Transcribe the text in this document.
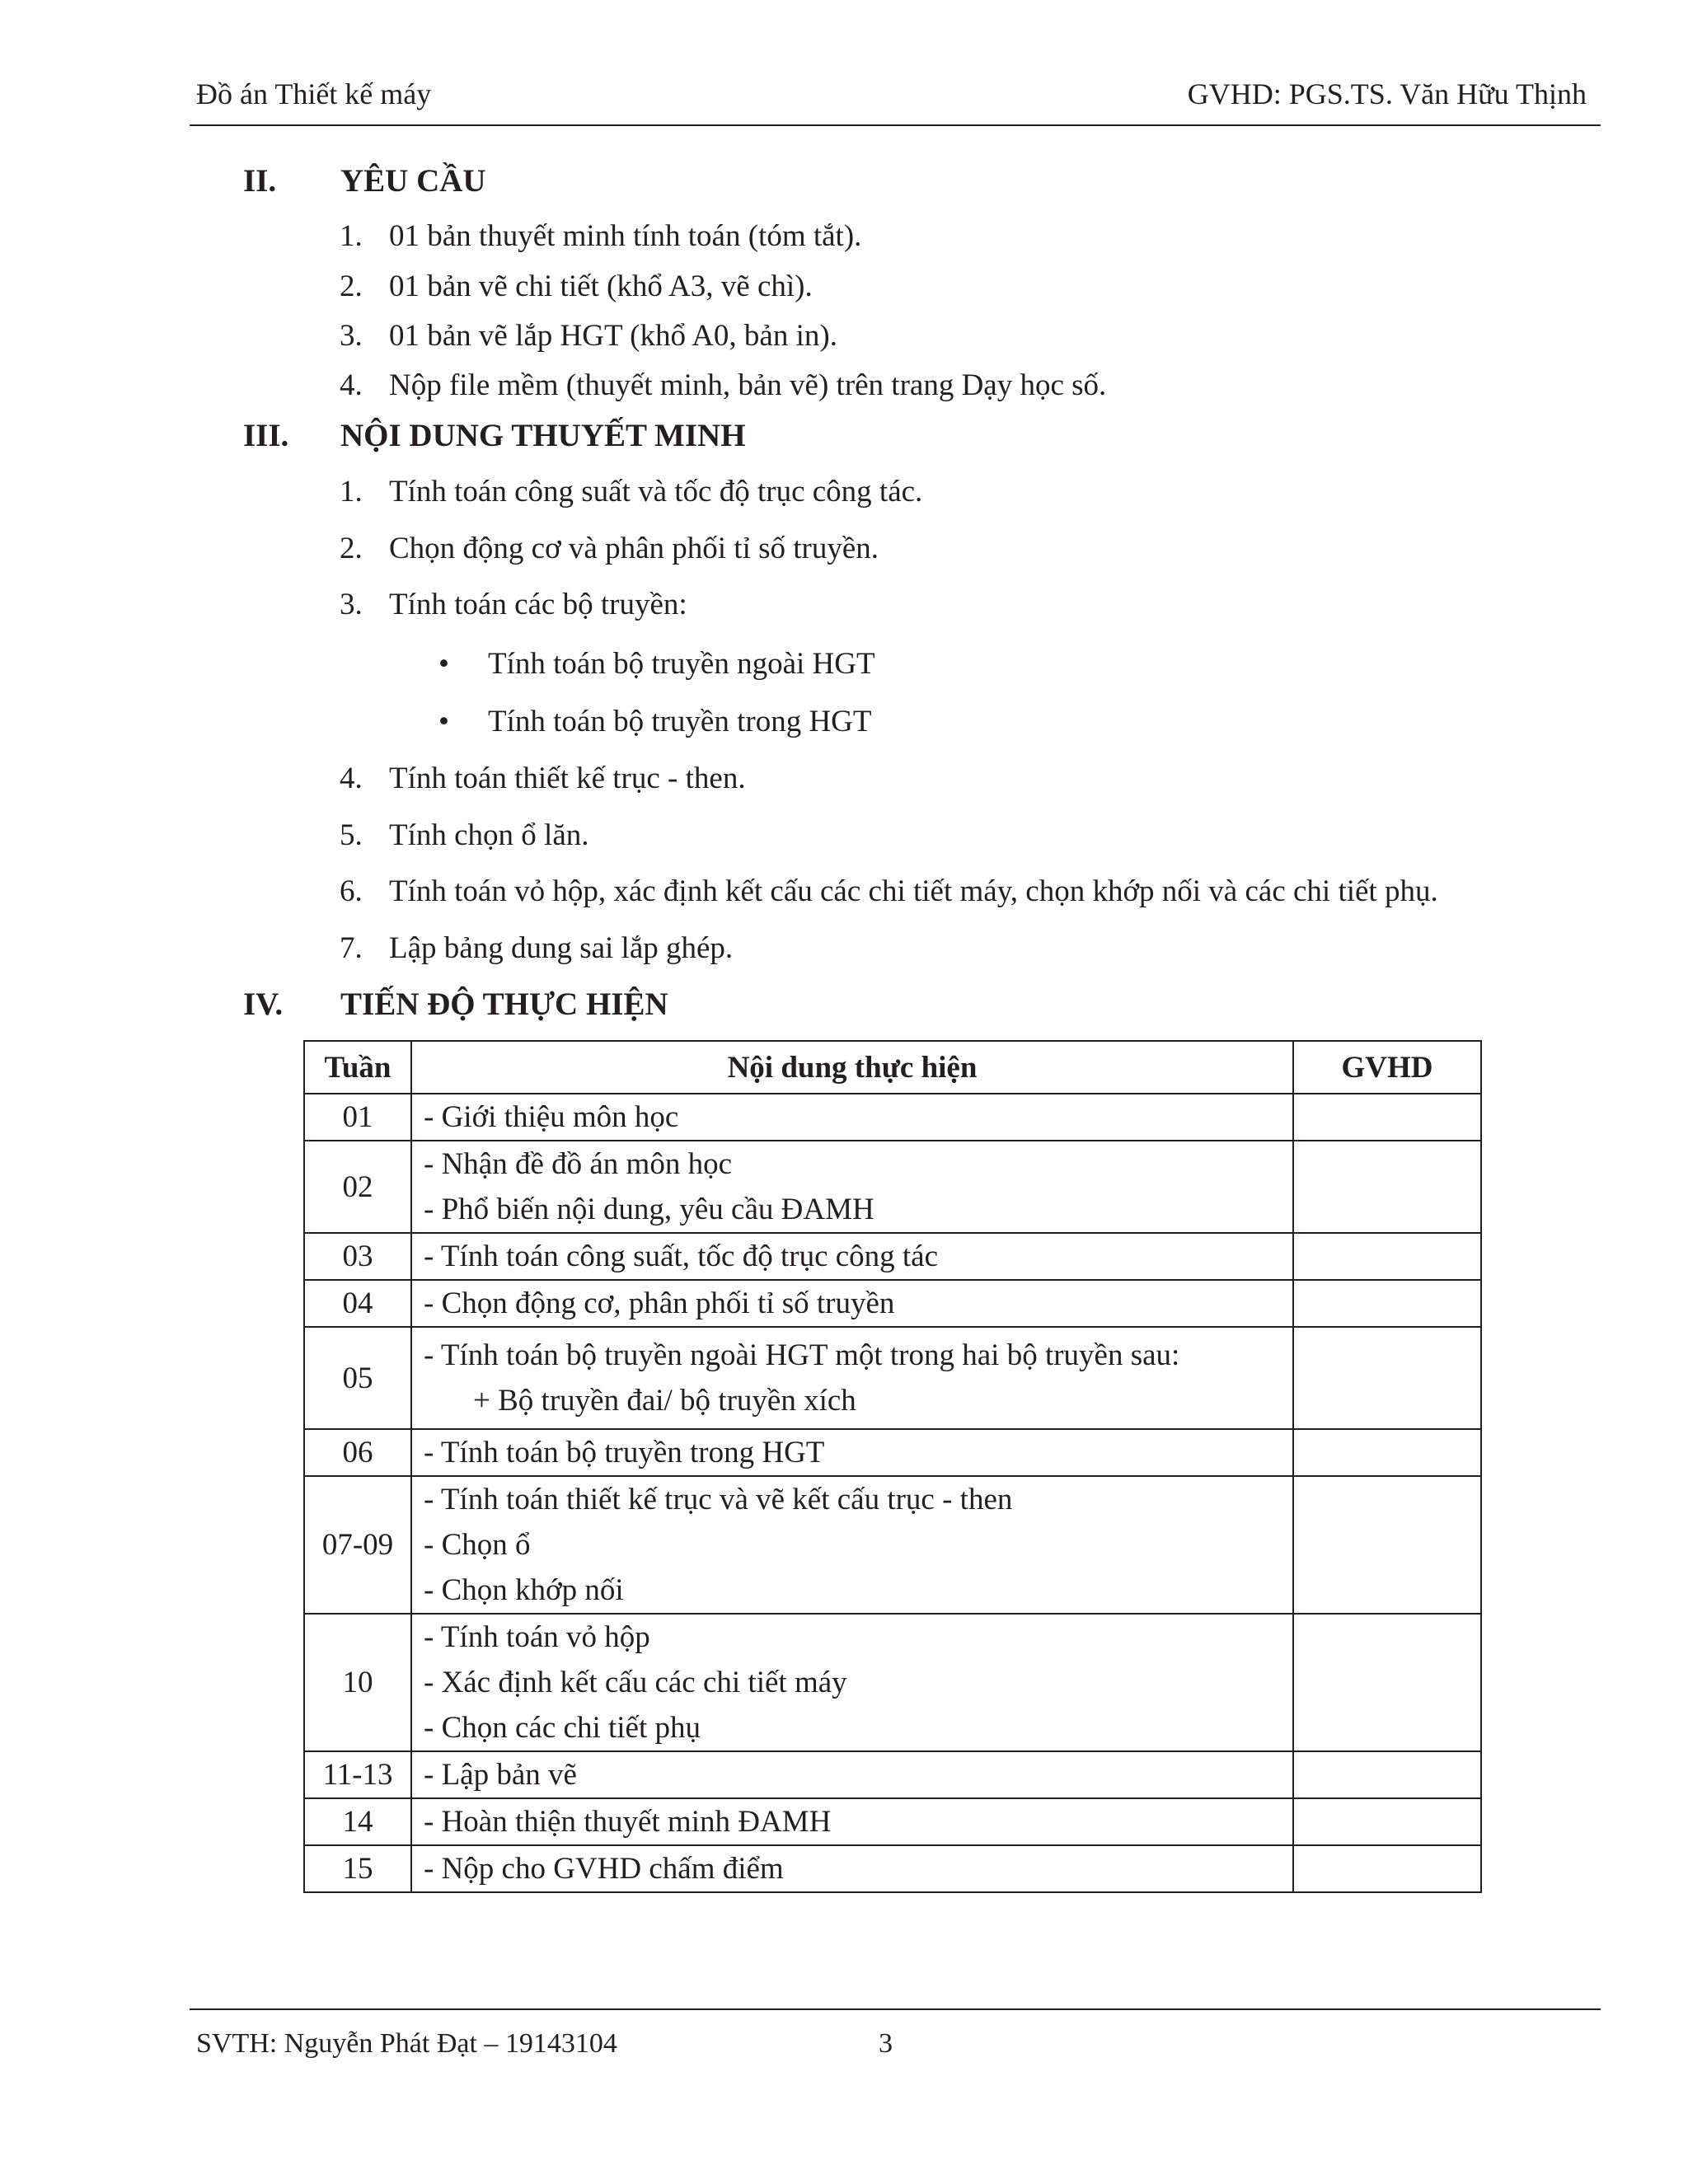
Đồ án Thiết kế máy	GVHD: PGS.TS. Văn Hữu Thịnh
II. YÊU CẦU
1. 01 bản thuyết minh tính toán (tóm tắt).
2. 01 bản vẽ chi tiết (khổ A3, vẽ chì).
3. 01 bản vẽ lắp HGT (khổ A0, bản in).
4. Nộp file mềm (thuyết minh, bản vẽ) trên trang Dạy học số.
III. NỘI DUNG THUYẾT MINH
1. Tính toán công suất và tốc độ trục công tác.
2. Chọn động cơ và phân phối tỉ số truyền.
3. Tính toán các bộ truyền:
• Tính toán bộ truyền ngoài HGT
• Tính toán bộ truyền trong HGT
4. Tính toán thiết kế trục - then.
5. Tính chọn ổ lăn.
6. Tính toán vỏ hộp, xác định kết cấu các chi tiết máy, chọn khớp nối và các chi tiết phụ.
7. Lập bảng dung sai lắp ghép.
IV. TIẾN ĐỘ THỰC HIỆN
Tuần	Nội dung thực hiện	GVHD
01	- Giới thiệu môn học	

02	- Nhận đề đồ án môn học
- Phổ biến nội dung, yêu cầu ĐAMH	

03	- Tính toán công suất, tốc độ trục công tác	

04	- Chọn động cơ, phân phối tỉ số truyền	

05	- Tính toán bộ truyền ngoài HGT một trong hai bộ truyền sau:
+ Bộ truyền đai/ bộ truyền xích	

06	- Tính toán bộ truyền trong HGT	

07-09	- Tính toán thiết kế trục và vẽ kết cấu trục - then
- Chọn ổ
- Chọn khớp nối	

10	- Tính toán vỏ hộp
- Xác định kết cấu các chi tiết máy
- Chọn các chi tiết phụ	

11-13	- Lập bản vẽ	

14	- Hoàn thiện thuyết minh ĐAMH	

15	- Nộp cho GVHD chấm điểm	

SVTH: Nguyễn Phát Đạt – 19143104	3
